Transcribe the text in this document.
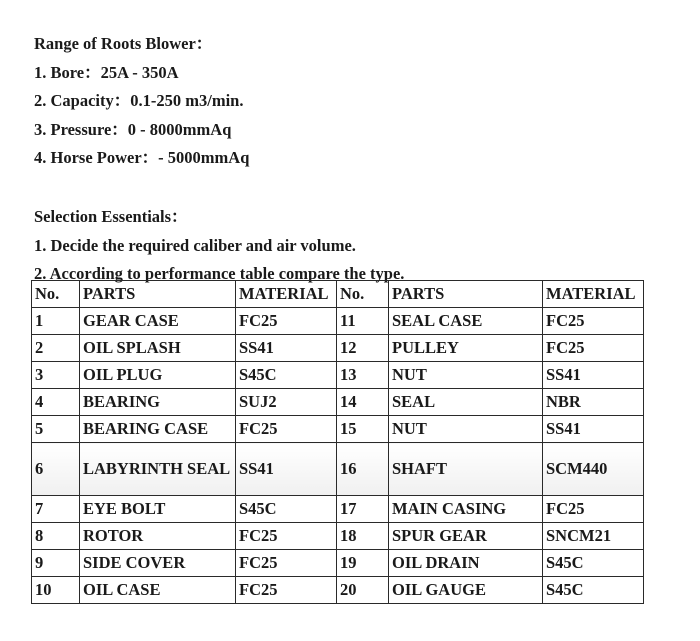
Range of Roots Blower：
1. Bore：25A - 350A
2. Capacity：0.1-250 m3/min.
3. Pressure：0 - 8000mmAq
4. Horse Power：- 5000mmAq
Selection Essentials：
1. Decide the required caliber and air volume.
2. According to performance table compare the type.
No.	PARTS	MATERIAL	No.	PARTS	MATERIAL
1	GEAR CASE	FC25	11	SEAL CASE	FC25
2	OIL SPLASH	SS41	12	PULLEY	FC25
3	OIL PLUG	S45C	13	NUT	SS41
4	BEARING	SUJ2	14	SEAL	NBR
5	BEARING CASE	FC25	15	NUT	SS41
6	LABYRINTH SEAL	SS41	16	SHAFT	SCM440
7	EYE BOLT	S45C	17	MAIN CASING	FC25
8	ROTOR	FC25	18	SPUR GEAR	SNCM21
9	SIDE COVER	FC25	19	OIL DRAIN	S45C
10	OIL CASE	FC25	20	OIL GAUGE	S45C
